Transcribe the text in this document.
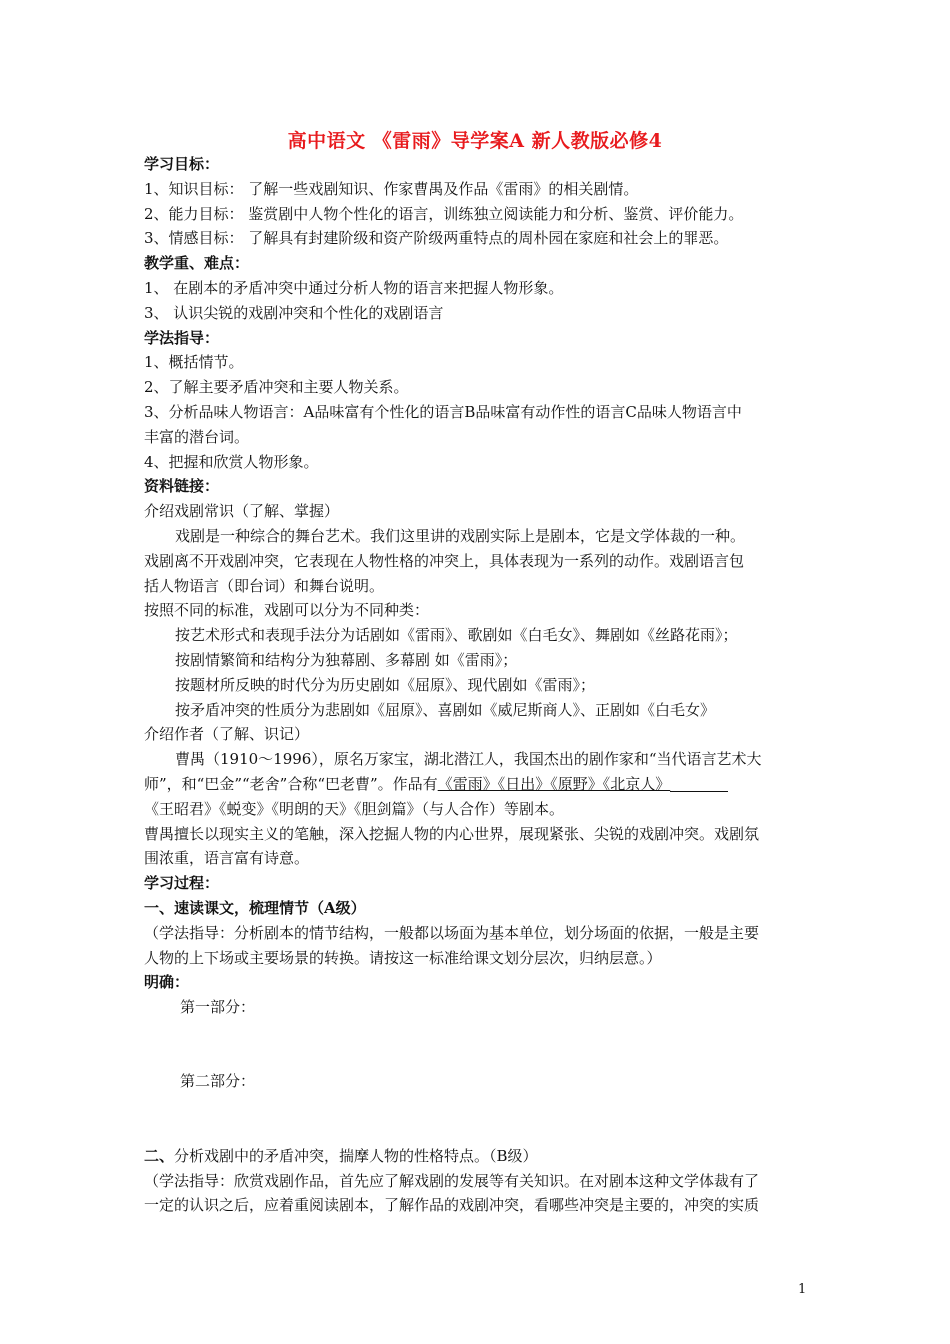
高中语文 《雷雨》导学案A 新人教版必修4
学习目标：
1、知识目标： 了解一些戏剧知识、作家曹禺及作品《雷雨》的相关剧情。
2、能力目标： 鉴赏剧中人物个性化的语言，训练独立阅读能力和分析、鉴赏、评价能力。
3、情感目标： 了解具有封建阶级和资产阶级两重特点的周朴园在家庭和社会上的罪恶。
教学重、难点：
1、 在剧本的矛盾冲突中通过分析人物的语言来把握人物形象。
3、 认识尖锐的戏剧冲突和个性化的戏剧语言
学法指导：
1、概括情节。
2、了解主要矛盾冲突和主要人物关系。
3、分析品味人物语言：A品味富有个性化的语言B品味富有动作性的语言C品味人物语言中
丰富的潜台词。
4、把握和欣赏人物形象。
资料链接：
介绍戏剧常识（了解、掌握）
戏剧是一种综合的舞台艺术。我们这里讲的戏剧实际上是剧本，它是文学体裁的一种。
戏剧离不开戏剧冲突，它表现在人物性格的冲突上，具体表现为一系列的动作。戏剧语言包
括人物语言（即台词）和舞台说明。
按照不同的标准，戏剧可以分为不同种类：
按艺术形式和表现手法分为话剧如《雷雨》、歌剧如《白毛女》、舞剧如《丝路花雨》；
按剧情繁简和结构分为独幕剧、多幕剧 如《雷雨》；
按题材所反映的时代分为历史剧如《屈原》、现代剧如《雷雨》；
按矛盾冲突的性质分为悲剧如《屈原》、喜剧如《威尼斯商人》、正剧如《白毛女》
介绍作者（了解、识记）
曹禺（1910～1996），原名万家宝，湖北潜江人，我国杰出的剧作家和“当代语言艺术大
师”，和“巴金”“老舍”合称“巴老曹”。作品有《雷雨》《日出》《原野》《北京人》
《王昭君》《蜕变》《明朗的天》《胆剑篇》（与人合作）等剧本。
曹禺擅长以现实主义的笔触，深入挖掘人物的内心世界，展现紧张、尖锐的戏剧冲突。戏剧氛
围浓重，语言富有诗意。
学习过程：
一、速读课文，梳理情节（A级）
（学法指导：分析剧本的情节结构，一般都以场面为基本单位，划分场面的依据，一般是主要
人物的上下场或主要场景的转换。请按这一标准给课文划分层次，归纳层意。）
明确：
第一部分：
第二部分：
二、分析戏剧中的矛盾冲突，揣摩人物的性格特点。（B级）
（学法指导：欣赏戏剧作品，首先应了解戏剧的发展等有关知识。在对剧本这种文学体裁有了
一定的认识之后，应着重阅读剧本，了解作品的戏剧冲突，看哪些冲突是主要的，冲突的实质
1
